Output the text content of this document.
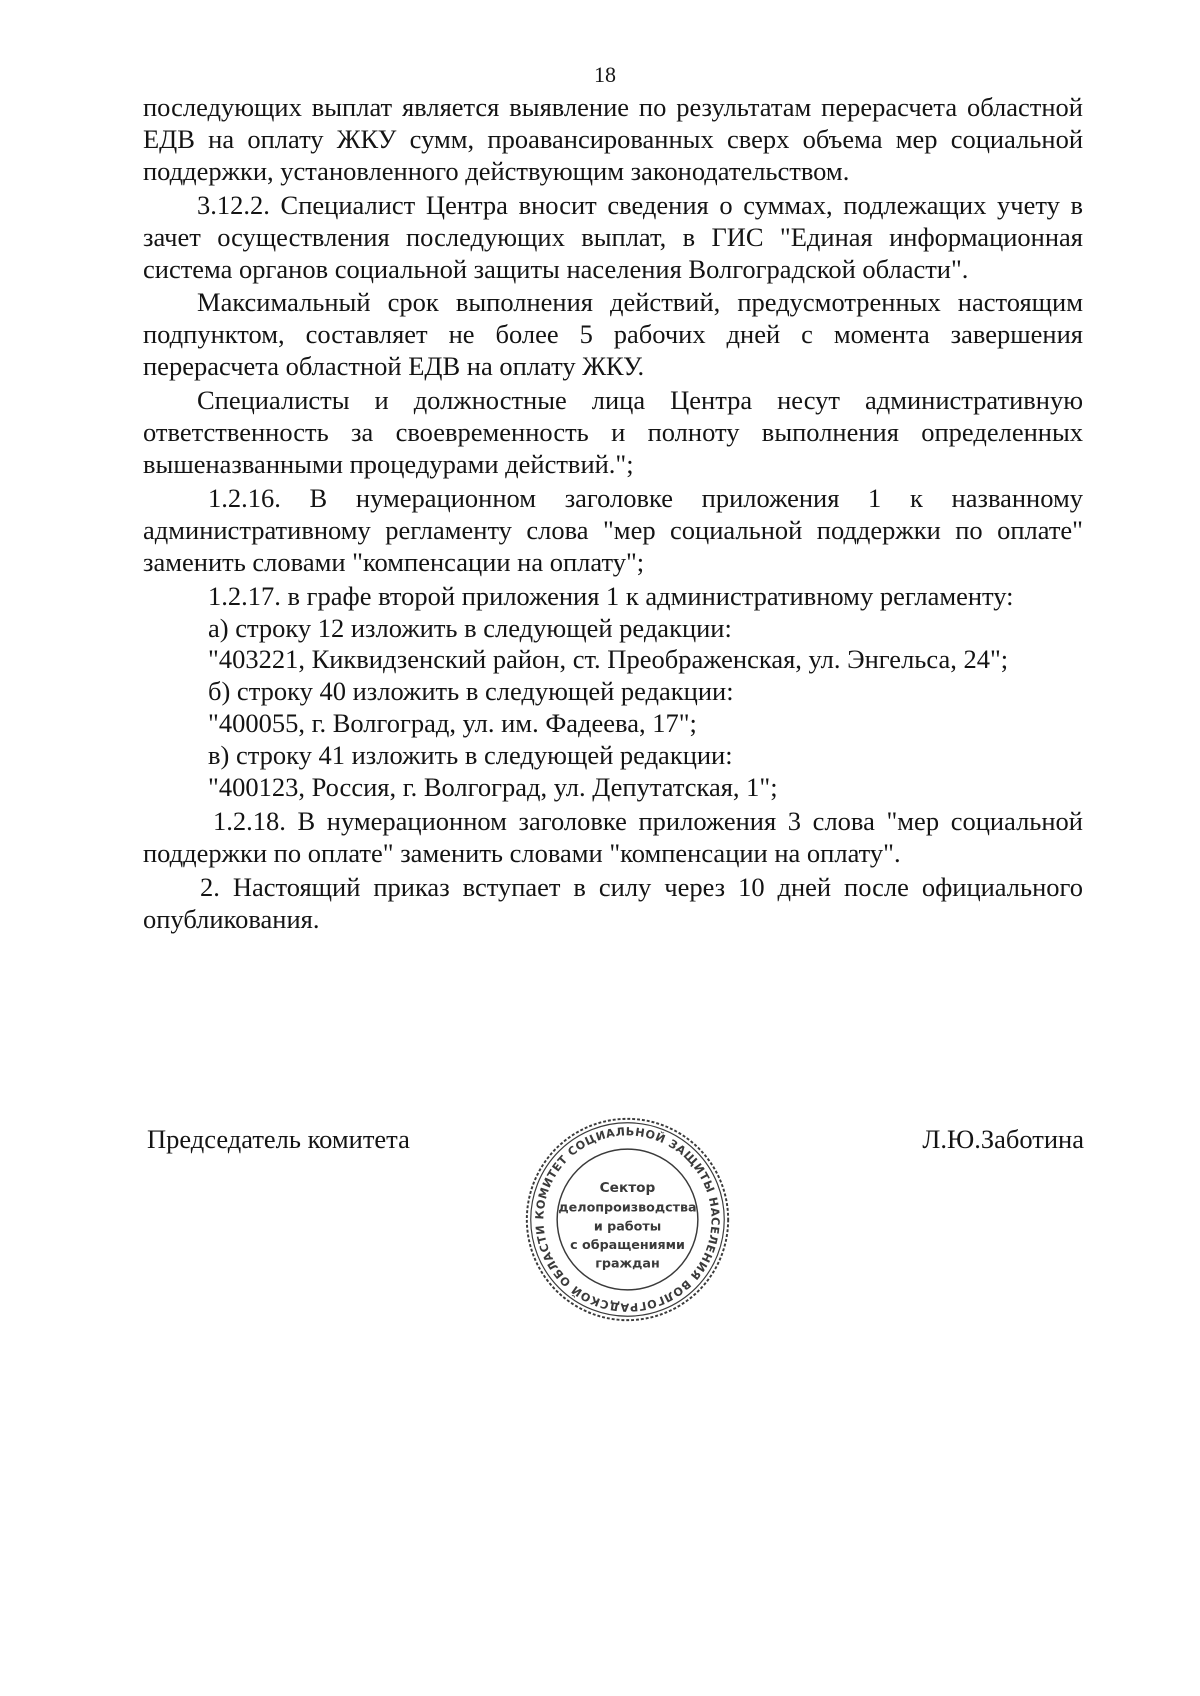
18

последующих выплат является выявление по результатам перерасчета областной ЕДВ на оплату ЖКУ сумм, проавансированных сверх объема мер социальной поддержки, установленного действующим законодательством.

3.12.2. Специалист Центра вносит сведения о суммах, подлежащих учету в зачет осуществления последующих выплат, в ГИС "Единая информационная система органов социальной защиты населения Волгоградской области".

Максимальный срок выполнения действий, предусмотренных настоящим подпунктом, составляет не более 5 рабочих дней с момента завершения перерасчета областной ЕДВ на оплату ЖКУ.

Специалисты и должностные лица Центра несут административную ответственность за своевременность и полноту выполнения определенных вышеназванными процедурами действий.";

1.2.16. В нумерационном заголовке приложения 1 к названному административному регламенту слова "мер социальной поддержки по оплате" заменить словами "компенсации на оплату";

1.2.17. в графе второй приложения 1 к административному регламенту:

а) строку 12 изложить в следующей редакции:

"403221, Киквидзенский район, ст. Преображенская, ул. Энгельса, 24";

б) строку 40 изложить в следующей редакции:

"400055, г. Волгоград, ул. им. Фадеева, 17";

в) строку 41 изложить в следующей редакции:

"400123, Россия, г. Волгоград, ул. Депутатская, 1";

1.2.18. В нумерационном заголовке приложения 3 слова "мер социальной поддержки по оплате" заменить словами "компенсации на оплату".

2. Настоящий приказ вступает в силу через 10 дней после официального опубликования.

Председатель комитета	Л.Ю.Заботина
КОМИТЕТ СОЦИАЛЬНОЙ ЗАЩИТЫ НАСЕЛЕНИЯ ВОЛГОГРАДСКОЙ ОБЛАСТИ
Сектор
делопроизводства
и работы
с обращениями
граждан
